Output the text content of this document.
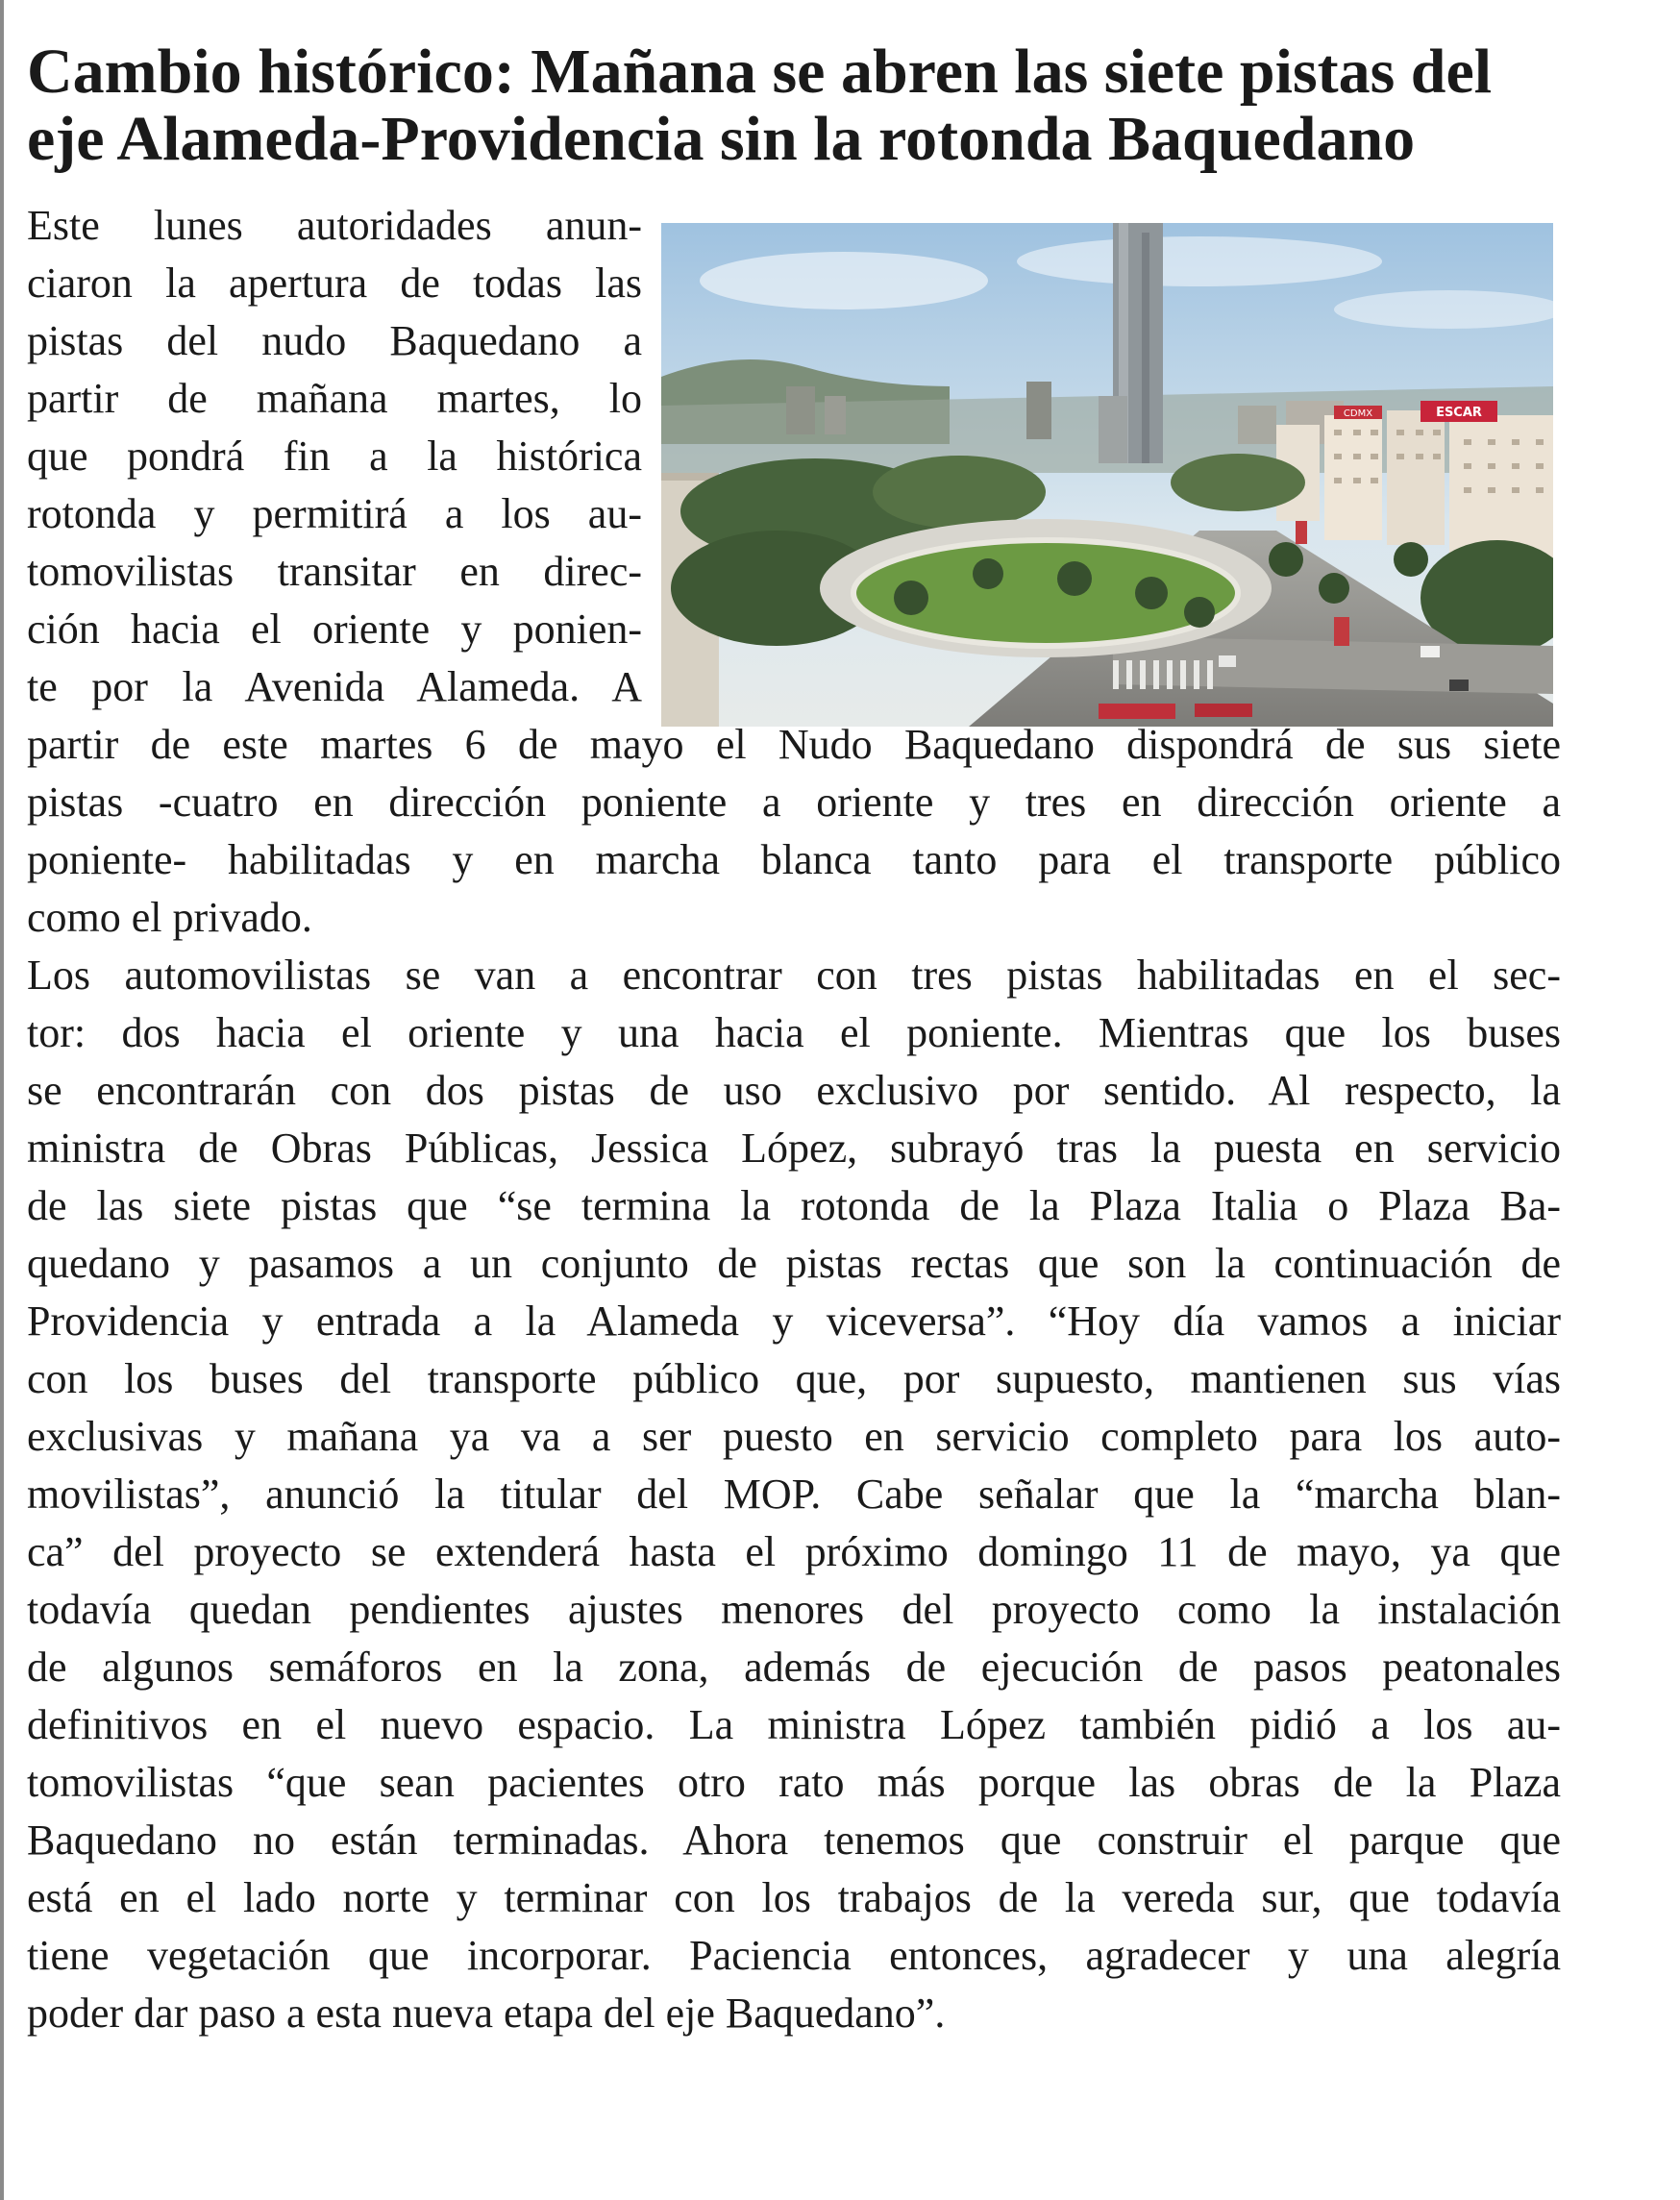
Cambio histórico: Mañana se abren las siete pistas del
eje Alameda-Providencia sin la rotonda Baquedano
CDMX	ESCAR
Este lunes autoridades anun-
ciaron la apertura de todas las
pistas del nudo Baquedano a
partir de mañana martes, lo
que pondrá fin a la histórica
rotonda y permitirá a los au-
tomovilistas transitar en direc-
ción hacia el oriente y ponien-
te por la Avenida Alameda. A
partir de este martes 6 de mayo el Nudo Baquedano dispondrá de sus siete
pistas -cuatro en dirección poniente a oriente y tres en dirección oriente a
poniente- habilitadas y en marcha blanca tanto para el transporte público
como el privado.
Los automovilistas se van a encontrar con tres pistas habilitadas en el sec-
tor: dos hacia el oriente y una hacia el poniente. Mientras que los buses
se encontrarán con dos pistas de uso exclusivo por sentido. Al respecto, la
ministra de Obras Públicas, Jessica López, subrayó tras la puesta en servicio
de las siete pistas que “se termina la rotonda de la Plaza Italia o Plaza Ba-
quedano y pasamos a un conjunto de pistas rectas que son la continuación de
Providencia y entrada a la Alameda y viceversa”. “Hoy día vamos a iniciar
con los buses del transporte público que, por supuesto, mantienen sus vías
exclusivas y mañana ya va a ser puesto en servicio completo para los auto-
movilistas”, anunció la titular del MOP. Cabe señalar que la “marcha blan-
ca” del proyecto se extenderá hasta el próximo domingo 11 de mayo, ya que
todavía quedan pendientes ajustes menores del proyecto como la instalación
de algunos semáforos en la zona, además de ejecución de pasos peatonales
definitivos en el nuevo espacio. La ministra López también pidió a los au-
tomovilistas “que sean pacientes otro rato más porque las obras de la Plaza
Baquedano no están terminadas. Ahora tenemos que construir el parque que
está en el lado norte y terminar con los trabajos de la vereda sur, que todavía
tiene vegetación que incorporar. Paciencia entonces, agradecer y una alegría
poder dar paso a esta nueva etapa del eje Baquedano”.
